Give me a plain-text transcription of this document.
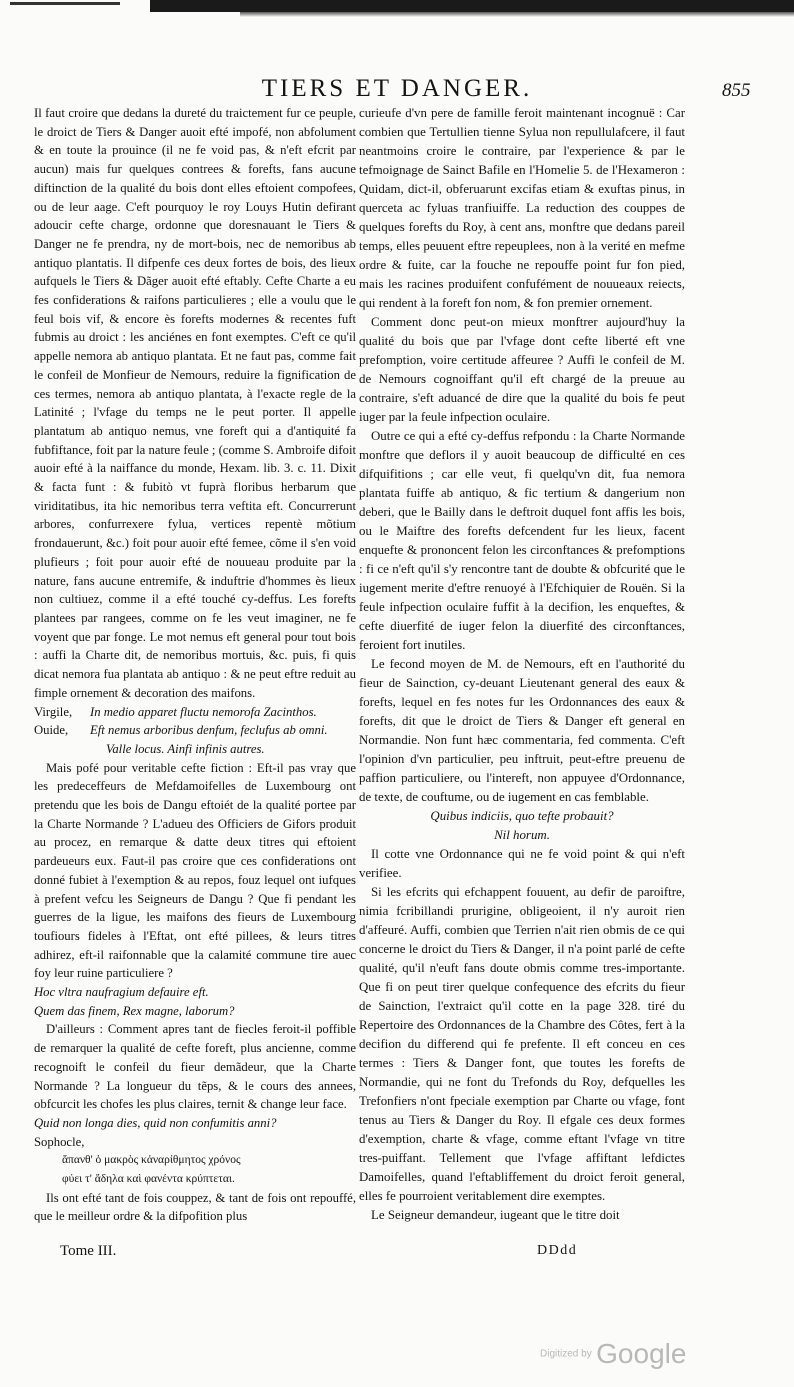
TIERS ET DANGER.	855

Il faut croire que dedans la dureté du traictement fur ce peuple, le droict de Tiers & Danger auoit efté impofé, non abfolument & en toute la prouince (il ne fe void pas, & n'eft efcrit par aucun) mais fur quelques contrees & forefts, fans aucune diftinction de la qualité du bois dont elles eftoient compofees, ou de leur aage. C'eft pourquoy le roy Louys Hutin defirant adoucir cefte charge, ordonne que doresnauant le Tiers & Danger ne fe prendra, ny de mort-bois, nec de nemoribus ab antiquo plantatis. Il difpenfe ces deux fortes de bois, des lieux aufquels le Tiers & Dãger auoit efté eftably. Cefte Charte a eu fes confiderations & raifons particulieres ; elle a voulu que le feul bois vif, & encore ès forefts modernes & recentes fuft fubmis au droict : les anciénes en font exemptes. C'eft ce qu'il appelle nemora ab antiquo plantata. Et ne faut pas, comme fait le confeil de Monfieur de Nemours, reduire la fignification de ces termes, nemora ab antiquo plantata, à l'exacte regle de la Latinité ; l'vfage du temps ne le peut porter. Il appelle plantatum ab antiquo nemus, vne foreft qui a d'antiquité fa fubfiftance, foit par la nature feule ; (comme S. Ambroife difoit auoir efté à la naiffance du monde, Hexam. lib. 3. c. 11. Dixit & facta funt : & fubitò vt fuprà floribus herbarum que viriditatibus, ita hic nemoribus terra veftita eft. Concurrerunt arbores, confurrexere fylua, vertices repentè mõtium frondauerunt, &c.) foit pour auoir efté femee, cõme il s'en void plufieurs ; foit pour auoir efté de nouueau produite par la nature, fans aucune entremife, & induftrie d'hommes ès lieux non cultiuez, comme il a efté touché cy-deffus. Les forefts plantees par rangees, comme on fe les veut imaginer, ne fe voyent que par fonge. Le mot nemus eft general pour tout bois : auffi la Charte dit, de nemoribus mortuis, &c. puis, fi quis dicat nemora fua plantata ab antiquo : & ne peut eftre reduit au fimple ornement & decoration des maifons.

Virgile, In medio apparet fluctu nemorofa Zacinthos.

Ouide, Eft nemus arboribus denfum, feclufus ab omni.

Valle locus. Ainfi infinis autres.

Mais pofé pour veritable cefte fiction : Eft-il pas vray que les predeceffeurs de Mefdamoifelles de Luxembourg ont pretendu que les bois de Dangu eftoiét de la qualité portee par la Charte Normande ? L'adueu des Officiers de Gifors produit au procez, en remarque & datte deux titres qui eftoient pardeueurs eux. Faut-il pas croire que ces confiderations ont donné fubiet à l'exemption & au repos, fouz lequel ont iufques à prefent vefcu les Seigneurs de Dangu ? Que fi pendant les guerres de la ligue, les maifons des fieurs de Luxembourg toufiours fideles à l'Eftat, ont efté pillees, & leurs titres adhirez, eft-il raifonnable que la calamité commune tire auec foy leur ruine particuliere ?

Hoc vltra naufragium defauire eft.

Quem das finem, Rex magne, laborum?

D'ailleurs : Comment apres tant de fiecles feroit-il poffible de remarquer la qualité de cefte foreft, plus ancienne, comme recognoift le confeil du fieur demãdeur, que la Charte Normande ? La longueur du tẽps, & le cours des annees, obfcurcit les chofes les plus claires, ternit & change leur face.

Quid non longa dies, quid non confumitis anni?

Sophocle,

ἅπανθ' ὁ μακρὸς κἀναρίθμητος χρόνος

φύει τ' ἄδηλα καὶ φανέντα κρύπτεται.

Ils ont efté tant de fois couppez, & tant de fois ont repouffé, que le meilleur ordre & la difpofition plus

curieufe d'vn pere de famille feroit maintenant incognuë : Car combien que Tertullien tienne Sylua non repullulafcere, il faut neantmoins croire le contraire, par l'experience & par le tefmoignage de Sainct Bafile en l'Homelie 5. de l'Hexameron : Quidam, dict-il, obferuarunt excifas etiam & exuftas pinus, in querceta ac fyluas tranfiuiffe. La reduction des couppes de quelques forefts du Roy, à cent ans, monftre que dedans pareil temps, elles peuuent eftre repeuplees, non à la verité en mefme ordre & fuite, car la fouche ne repouffe point fur fon pied, mais les racines produifent confufément de nouueaux reiects, qui rendent à la foreft fon nom, & fon premier ornement.

Comment donc peut-on mieux monftrer aujourd'huy la qualité du bois que par l'vfage dont cefte liberté eft vne prefomption, voire certitude affeuree ? Auffi le confeil de M. de Nemours cognoiffant qu'il eft chargé de la preuue au contraire, s'eft aduancé de dire que la qualité du bois fe peut iuger par la feule infpection oculaire.

Outre ce qui a efté cy-deffus refpondu : la Charte Normande monftre que deflors il y auoit beaucoup de difficulté en ces difquifitions ; car elle veut, fi quelqu'vn dit, fua nemora plantata fuiffe ab antiquo, & fic tertium & dangerium non deberi, que le Bailly dans le deftroit duquel font affis les bois, ou le Maiftre des forefts defcendent fur les lieux, facent enquefte & prononcent felon les circonftances & prefomptions : fi ce n'eft qu'il s'y rencontre tant de doubte & obfcurité que le iugement merite d'eftre renuoyé à l'Efchiquier de Rouën. Si la feule infpection oculaire fuffit à la decifion, les enqueftes, & cefte diuerfité de iuger felon la diuerfité des circonftances, feroient fort inutiles.

Le fecond moyen de M. de Nemours, eft en l'authorité du fieur de Sainction, cy-deuant Lieutenant general des eaux & forefts, lequel en fes notes fur les Ordonnances des eaux & forefts, dit que le droict de Tiers & Danger eft general en Normandie. Non funt hæc commentaria, fed commenta. C'eft l'opinion d'vn particulier, peu inftruit, peut-eftre preuenu de paffion particuliere, ou l'intereft, non appuyee d'Ordonnance, de texte, de couftume, ou de iugement en cas femblable.

Quibus indiciis, quo tefte probauit?

Nil horum.

Il cotte vne Ordonnance qui ne fe void point & qui n'eft verifiee.

Si les efcrits qui efchappent fouuent, au defir de paroiftre, nimia fcribillandi prurigine, obligeoient, il n'y auroit rien d'affeuré. Auffi, combien que Terrien n'ait rien obmis de ce qui concerne le droict du Tiers & Danger, il n'a point parlé de cefte qualité, qu'il n'euft fans doute obmis comme tres-importante. Que fi on peut tirer quelque confequence des efcrits du fieur de Sainction, l'extraict qu'il cotte en la page 328. tiré du Repertoire des Ordonnances de la Chambre des Côtes, fert à la decifion du differend qui fe prefente. Il eft conceu en ces termes : Tiers & Danger font, que toutes les forefts de Normandie, qui ne font du Trefonds du Roy, defquelles les Trefonfiers n'ont fpeciale exemption par Charte ou vfage, font tenus au Tiers & Danger du Roy. Il efgale ces deux formes d'exemption, charte & vfage, comme eftant l'vfage vn titre tres-puiffant. Tellement que l'vfage affiftant lefdictes Damoifelles, quand l'eftabliffement du droict feroit general, elles fe pourroient veritablement dire exemptes.

Le Seigneur demandeur, iugeant que le titre doit

Tome III.	DDdd
Digitized by Google
